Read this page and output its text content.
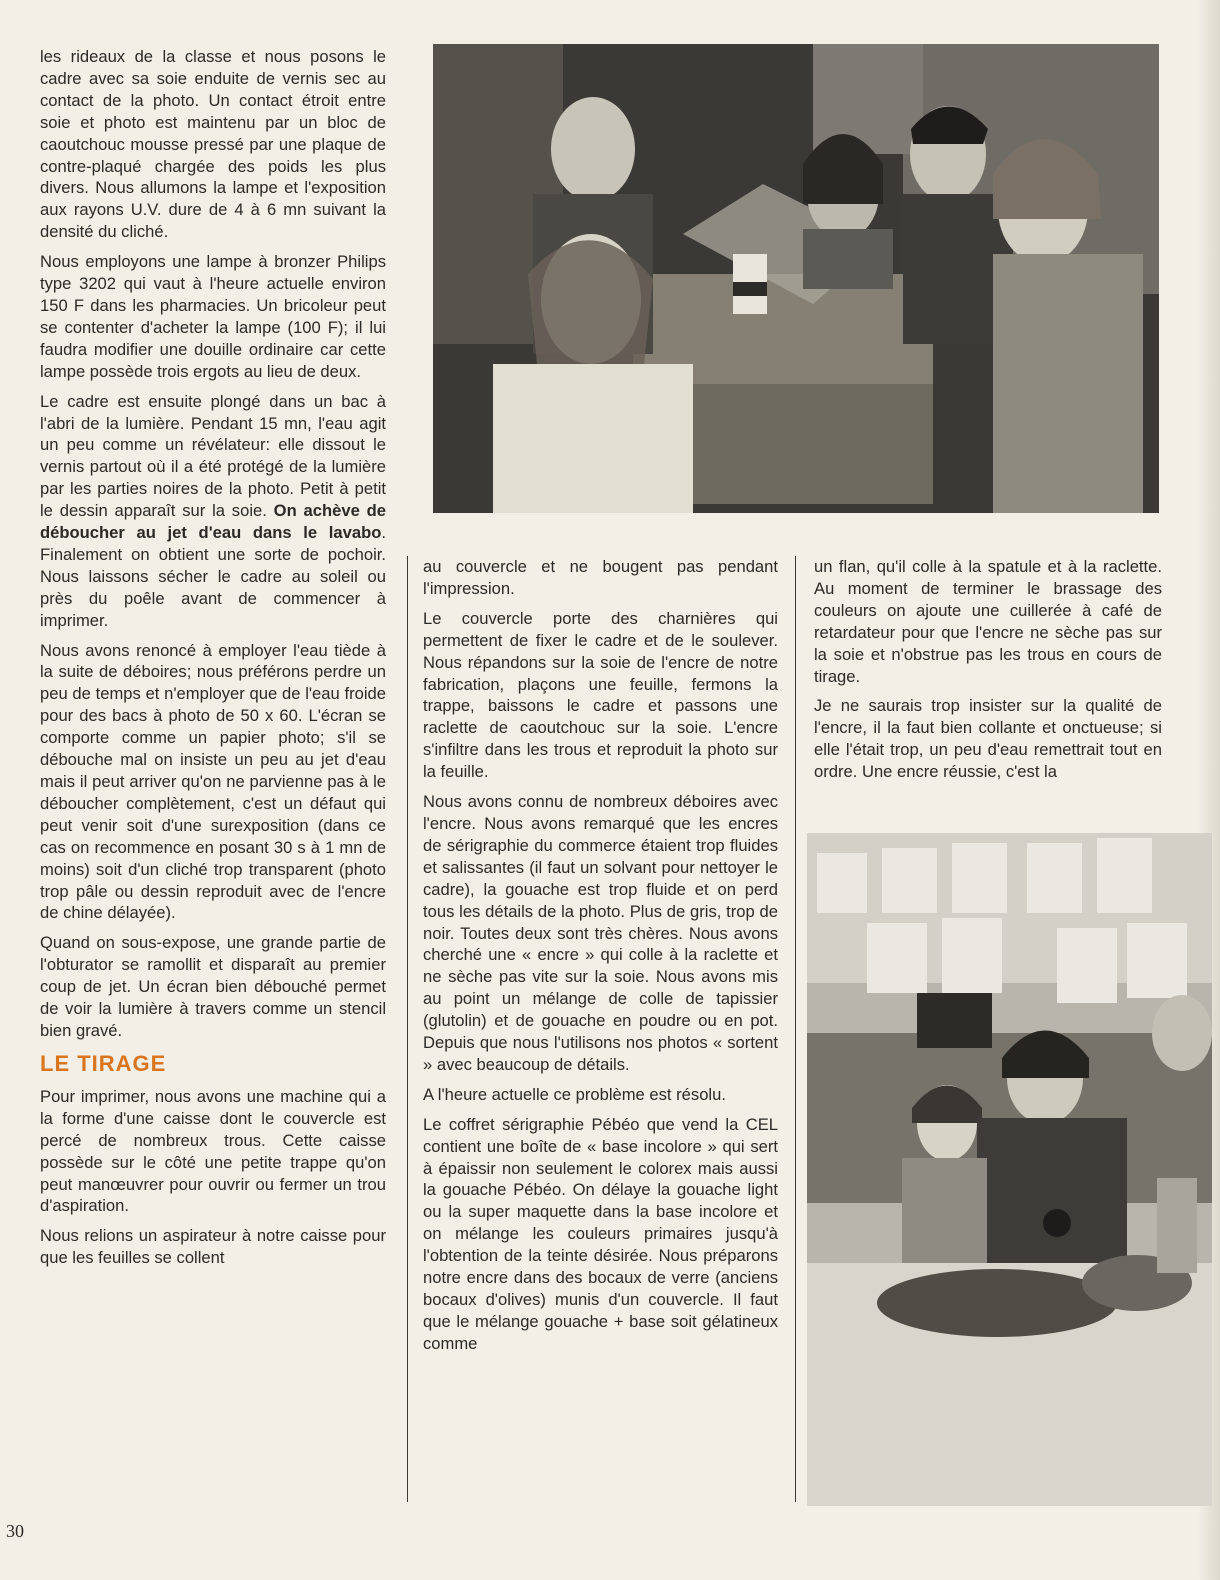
les rideaux de la classe et nous posons le cadre avec sa soie enduite de vernis sec au contact de la photo. Un contact étroit entre soie et photo est maintenu par un bloc de caoutchouc mousse pressé par une plaque de contre-plaqué chargée des poids les plus divers. Nous allumons la lampe et l'exposition aux rayons U.V. dure de 4 à 6 mn suivant la densité du cliché.

Nous employons une lampe à bronzer Philips type 3202 qui vaut à l'heure actuelle environ 150 F dans les pharmacies. Un bricoleur peut se contenter d'acheter la lampe (100 F); il lui faudra modifier une douille ordinaire car cette lampe possède trois ergots au lieu de deux.

Le cadre est ensuite plongé dans un bac à l'abri de la lumière. Pendant 15 mn, l'eau agit un peu comme un révélateur: elle dissout le vernis partout où il a été protégé de la lumière par les parties noires de la photo. Petit à petit le dessin apparaît sur la soie. On achève de déboucher au jet d'eau dans le lavabo. Finalement on obtient une sorte de pochoir. Nous laissons sécher le cadre au soleil ou près du poêle avant de commencer à imprimer.

Nous avons renoncé à employer l'eau tiède à la suite de déboires; nous préférons perdre un peu de temps et n'employer que de l'eau froide pour des bacs à photo de 50 x 60. L'écran se comporte comme un papier photo; s'il se débouche mal on insiste un peu au jet d'eau mais il peut arriver qu'on ne parvienne pas à le déboucher complètement, c'est un défaut qui peut venir soit d'une surexposition (dans ce cas on recommence en posant 30 s à 1 mn de moins) soit d'un cliché trop transparent (photo trop pâle ou dessin reproduit avec de l'encre de chine délayée).

Quand on sous-expose, une grande partie de l'obturator se ramollit et disparaît au premier coup de jet. Un écran bien débouché permet de voir la lumière à travers comme un stencil bien gravé.

LE TIRAGE

Pour imprimer, nous avons une machine qui a la forme d'une caisse dont le couvercle est percé de nombreux trous. Cette caisse possède sur le côté une petite trappe qu'on peut manœuvrer pour ouvrir ou fermer un trou d'aspiration.

Nous relions un aspirateur à notre caisse pour que les feuilles se collent

au couvercle et ne bougent pas pendant l'impression.

Le couvercle porte des charnières qui permettent de fixer le cadre et de le soulever. Nous répandons sur la soie de l'encre de notre fabrication, plaçons une feuille, fermons la trappe, baissons le cadre et passons une raclette de caoutchouc sur la soie. L'encre s'infiltre dans les trous et reproduit la photo sur la feuille.

Nous avons connu de nombreux déboires avec l'encre. Nous avons remarqué que les encres de sérigraphie du commerce étaient trop fluides et salissantes (il faut un solvant pour nettoyer le cadre), la gouache est trop fluide et on perd tous les détails de la photo. Plus de gris, trop de noir. Toutes deux sont très chères. Nous avons cherché une « encre » qui colle à la raclette et ne sèche pas vite sur la soie. Nous avons mis au point un mélange de colle de tapissier (glutolin) et de gouache en poudre ou en pot. Depuis que nous l'utilisons nos photos « sortent » avec beaucoup de détails.

A l'heure actuelle ce problème est résolu.

Le coffret sérigraphie Pébéo que vend la CEL contient une boîte de « base incolore » qui sert à épaissir non seulement le colorex mais aussi la gouache Pébéo. On délaye la gouache light ou la super maquette dans la base incolore et on mélange les couleurs primaires jusqu'à l'obtention de la teinte désirée. Nous préparons notre encre dans des bocaux de verre (anciens bocaux d'olives) munis d'un couvercle. Il faut que le mélange gouache + base soit gélatineux comme

un flan, qu'il colle à la spatule et à la raclette. Au moment de terminer le brassage des couleurs on ajoute une cuillerée à café de retardateur pour que l'encre ne sèche pas sur la soie et n'obstrue pas les trous en cours de tirage.

Je ne saurais trop insister sur la qualité de l'encre, il la faut bien collante et onctueuse; si elle l'était trop, un peu d'eau remettrait tout en ordre. Une encre réussie, c'est la

30
